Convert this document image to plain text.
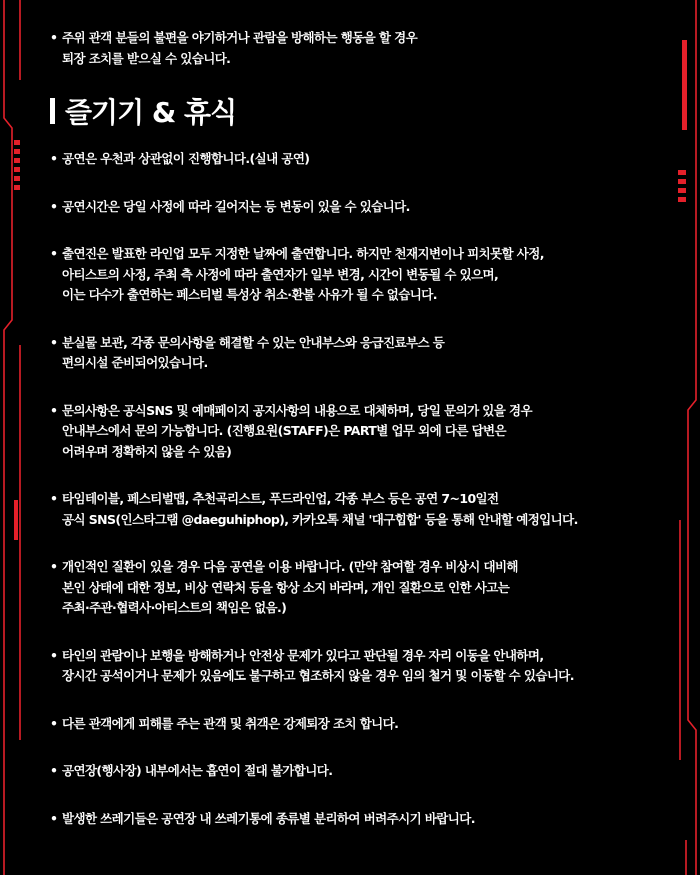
• 주위 관객 분들의 불편을 야기하거나 관람을 방해하는 행동을 할 경우
퇴장 조치를 받으실 수 있습니다.
즐기기 & 휴식
• 공연은 우천과 상관없이 진행합니다.(실내 공연)
• 공연시간은 당일 사정에 따라 길어지는 등 변동이 있을 수 있습니다.
• 출연진은 발표한 라인업 모두 지정한 날짜에 출연합니다. 하지만 천재지변이나 피치못할 사정,
아티스트의 사정, 주최 측 사정에 따라 출연자가 일부 변경, 시간이 변동될 수 있으며,
이는 다수가 출연하는 페스티벌 특성상 취소·환불 사유가 될 수 없습니다.
• 분실물 보관, 각종 문의사항을 해결할 수 있는 안내부스와 응급진료부스 등
편의시설 준비되어있습니다.
• 문의사항은 공식SNS 및 예매페이지 공지사항의 내용으로 대체하며, 당일 문의가 있을 경우
안내부스에서 문의 가능합니다. (진행요원(STAFF)은 PART별 업무 외에 다른 답변은
어려우며 정확하지 않을 수 있음)
• 타임테이블, 페스티벌맵, 추천곡리스트, 푸드라인업, 각종 부스 등은 공연 7~10일전
공식 SNS(인스타그램 @daeguhiphop), 카카오톡 채널 '대구힙합' 등을 통해 안내할 예정입니다.
• 개인적인 질환이 있을 경우 다음 공연을 이용 바랍니다. (만약 참여할 경우 비상시 대비해
본인 상태에 대한 정보, 비상 연락처 등을 항상 소지 바라며, 개인 질환으로 인한 사고는
주최·주관·협력사·아티스트의 책임은 없음.)
• 타인의 관람이나 보행을 방해하거나 안전상 문제가 있다고 판단될 경우 자리 이동을 안내하며,
장시간 공석이거나 문제가 있음에도 불구하고 협조하지 않을 경우 임의 철거 및 이동할 수 있습니다.
• 다른 관객에게 피해를 주는 관객 및 취객은 강제퇴장 조치 합니다.
• 공연장(행사장) 내부에서는 흡연이 절대 불가합니다.
• 발생한 쓰레기들은 공연장 내 쓰레기통에 종류별 분리하여 버려주시기 바랍니다.
